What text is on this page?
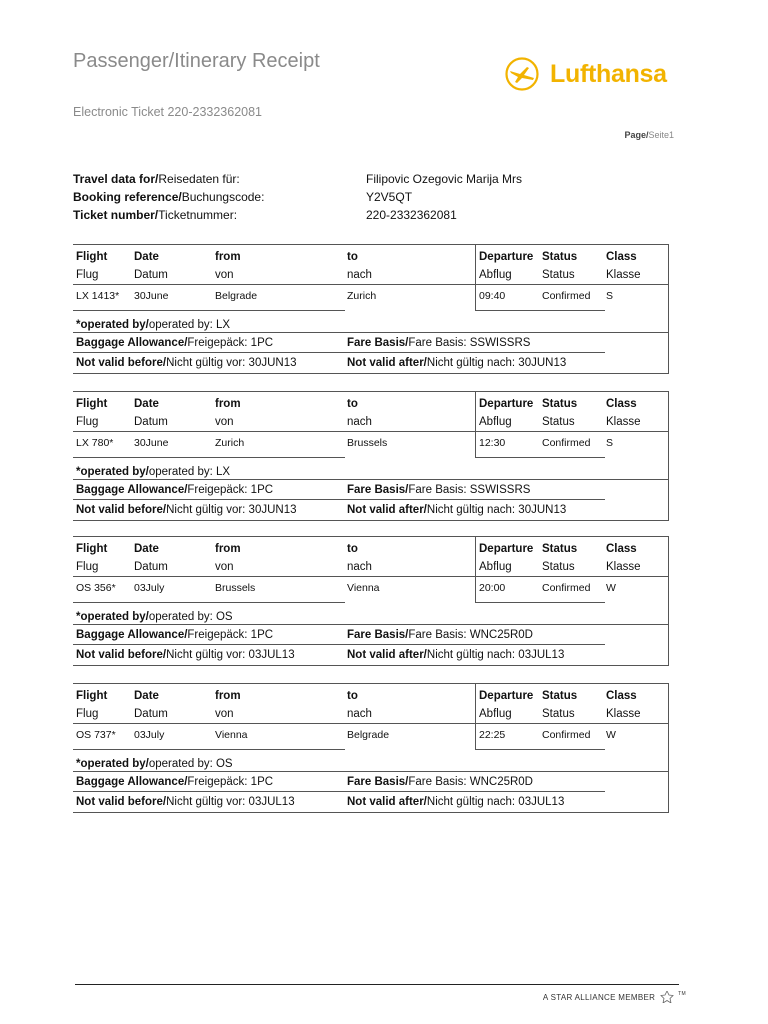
Passenger/Itinerary Receipt
Electronic Ticket 220-2332362081
Lufthansa
Page/Seite1
Travel data for/Reisedaten für:	Filipovic Ozegovic Marija Mrs
Booking reference/Buchungscode:	Y2V5QT
Ticket number/Ticketnummer:	220-2332362081
Flight Date	from	to	Departure Status	Class
Flug	Datum	von	nach	Abflug	Status	Klasse
LX 1413* 30June	Belgrade	Zurich	09:40	Confirmed S
*operated by/operated by: LX
Baggage Allowance/Freigepäck: 1PC	Fare Basis/Fare Basis: SSWISSRS
Not valid before/Nicht gültig vor: 30JUN13	Not valid after/Nicht gültig nach: 30JUN13
Flight Date	from	to	Departure Status	Class
Flug	Datum	von	nach	Abflug	Status	Klasse
LX 780* 30June	Zurich	Brussels	12:30	Confirmed S
*operated by/operated by: LX
Baggage Allowance/Freigepäck: 1PC	Fare Basis/Fare Basis: SSWISSRS
Not valid before/Nicht gültig vor: 30JUN13	Not valid after/Nicht gültig nach: 30JUN13
Flight Date	from	to	Departure Status	Class
Flug	Datum	von	nach	Abflug	Status	Klasse
OS 356* 03July	Brussels	Vienna	20:00	Confirmed W
*operated by/operated by: OS
Baggage Allowance/Freigepäck: 1PC	Fare Basis/Fare Basis: WNC25R0D
Not valid before/Nicht gültig vor: 03JUL13	Not valid after/Nicht gültig nach: 03JUL13
Flight Date	from	to	Departure Status	Class
Flug	Datum	von	nach	Abflug	Status	Klasse
OS 737* 03July	Vienna	Belgrade	22:25	Confirmed W
*operated by/operated by: OS
Baggage Allowance/Freigepäck: 1PC	Fare Basis/Fare Basis: WNC25R0D
Not valid before/Nicht gültig vor: 03JUL13	Not valid after/Nicht gültig nach: 03JUL13
A STAR ALLIANCE MEMBER	TM
